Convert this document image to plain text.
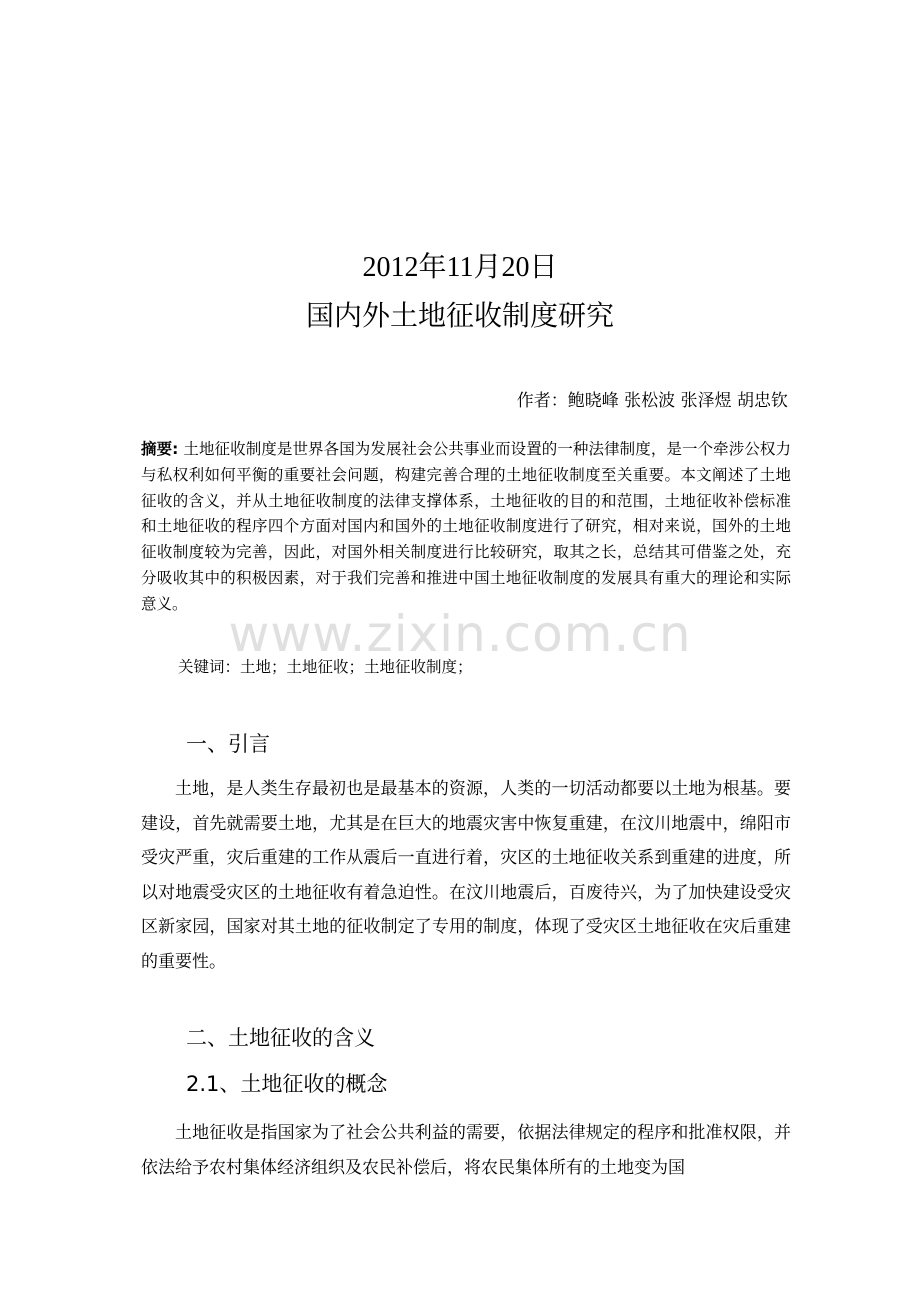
2012年11月20日
国内外土地征收制度研究
作者：鲍晓峰 张松波 张泽煜 胡忠钦
摘要: 土地征收制度是世界各国为发展社会公共事业而设置的一种法律制度，是一个牵涉公权力与私权利如何平衡的重要社会问题，构建完善合理的土地征收制度至关重要。本文阐述了土地征收的含义，并从土地征收制度的法律支撑体系，土地征收的目的和范围，土地征收补偿标准和土地征收的程序四个方面对国内和国外的土地征收制度进行了研究，相对来说，国外的土地征收制度较为完善，因此，对国外相关制度进行比较研究，取其之长，总结其可借鉴之处，充分吸收其中的积极因素，对于我们完善和推进中国土地征收制度的发展具有重大的理论和实际意义。
www.zixin.com.cn
关键词：土地；土地征收；土地征收制度；
一、引言
土地，是人类生存最初也是最基本的资源，人类的一切活动都要以土地为根基。要建设，首先就需要土地，尤其是在巨大的地震灾害中恢复重建，在汶川地震中，绵阳市受灾严重，灾后重建的工作从震后一直进行着，灾区的土地征收关系到重建的进度，所以对地震受灾区的土地征收有着急迫性。在汶川地震后，百废待兴，为了加快建设受灾区新家园，国家对其土地的征收制定了专用的制度，体现了受灾区土地征收在灾后重建的重要性。
二、土地征收的含义
2.1、土地征收的概念
土地征收是指国家为了社会公共利益的需要，依据法律规定的程序和批准权限，并依法给予农村集体经济组织及农民补偿后，将农民集体所有的土地变为国
